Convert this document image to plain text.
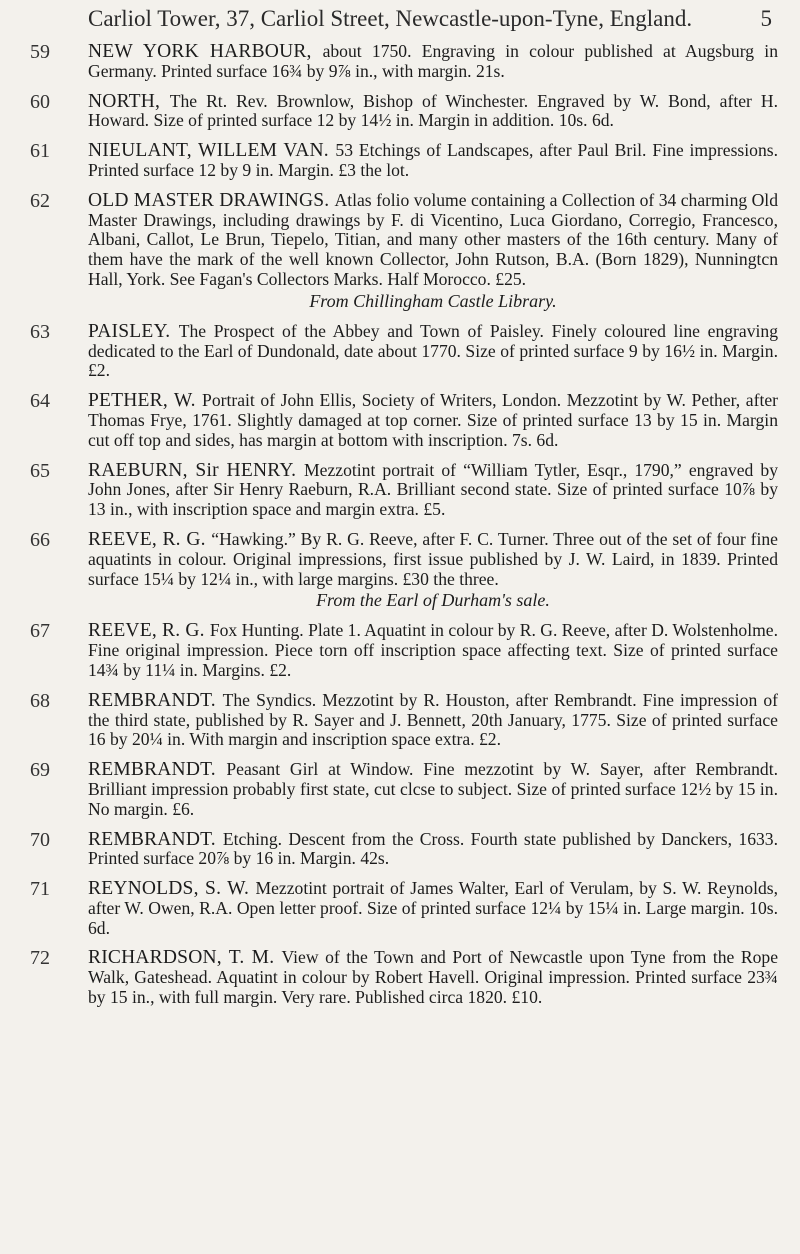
Carliol Tower, 37, Carliol Street, Newcastle-upon-Tyne, England.	5
59 NEW YORK HARBOUR, about 1750. Engraving in colour published at Augsburg in Germany. Printed surface 16¾ by 9⅞ in., with margin. 21s.
60 NORTH, The Rt. Rev. Brownlow, Bishop of Winchester. Engraved by W. Bond, after H. Howard. Size of printed surface 12 by 14½ in. Margin in addition. 10s. 6d.
61 NIEULANT, WILLEM VAN. 53 Etchings of Landscapes, after Paul Bril. Fine impressions. Printed surface 12 by 9 in. Margin. £3 the lot.
62 OLD MASTER DRAWINGS. Atlas folio volume containing a Collection of 34 charming Old Master Drawings, including drawings by F. di Vicentino, Luca Giordano, Corregio, Francesco, Albani, Callot, Le Brun, Tiepelo, Titian, and many other masters of the 16th century. Many of them have the mark of the well known Collector, John Rutson, B.A. (Born 1829), Nunningtcn Hall, York. See Fagan's Collectors Marks. Half Morocco. £25.
From Chillingham Castle Library.
63 PAISLEY. The Prospect of the Abbey and Town of Paisley. Finely coloured line engraving dedicated to the Earl of Dundonald, date about 1770. Size of printed surface 9 by 16½ in. Margin. £2.
64 PETHER, W. Portrait of John Ellis, Society of Writers, London. Mezzotint by W. Pether, after Thomas Frye, 1761. Slightly damaged at top corner. Size of printed surface 13 by 15 in. Margin cut off top and sides, has margin at bottom with inscription. 7s. 6d.
65 RAEBURN, Sir HENRY. Mezzotint portrait of “William Tytler, Esqr., 1790,” engraved by John Jones, after Sir Henry Raeburn, R.A. Brilliant second state. Size of printed surface 10⅞ by 13 in., with inscription space and margin extra. £5.
66 REEVE, R. G. “Hawking.” By R. G. Reeve, after F. C. Turner. Three out of the set of four fine aquatints in colour. Original impressions, first issue published by J. W. Laird, in 1839. Printed surface 15¼ by 12¼ in., with large margins. £30 the three.
From the Earl of Durham's sale.
67 REEVE, R. G. Fox Hunting. Plate 1. Aquatint in colour by R. G. Reeve, after D. Wolstenholme. Fine original impression. Piece torn off inscription space affecting text. Size of printed surface 14¾ by 11¼ in. Margins. £2.
68 REMBRANDT. The Syndics. Mezzotint by R. Houston, after Rembrandt. Fine impression of the third state, published by R. Sayer and J. Bennett, 20th January, 1775. Size of printed surface 16 by 20¼ in. With margin and inscription space extra. £2.
69 REMBRANDT. Peasant Girl at Window. Fine mezzotint by W. Sayer, after Rembrandt. Brilliant impression probably first state, cut clcse to subject. Size of printed surface 12½ by 15 in. No margin. £6.
70 REMBRANDT. Etching. Descent from the Cross. Fourth state published by Danckers, 1633. Printed surface 20⅞ by 16 in. Margin. 42s.
71 REYNOLDS, S. W. Mezzotint portrait of James Walter, Earl of Verulam, by S. W. Reynolds, after W. Owen, R.A. Open letter proof. Size of printed surface 12¼ by 15¼ in. Large margin. 10s. 6d.
72 RICHARDSON, T. M. View of the Town and Port of Newcastle upon Tyne from the Rope Walk, Gateshead. Aquatint in colour by Robert Havell. Original impression. Printed surface 23¾ by 15 in., with full margin. Very rare. Published circa 1820. £10.
